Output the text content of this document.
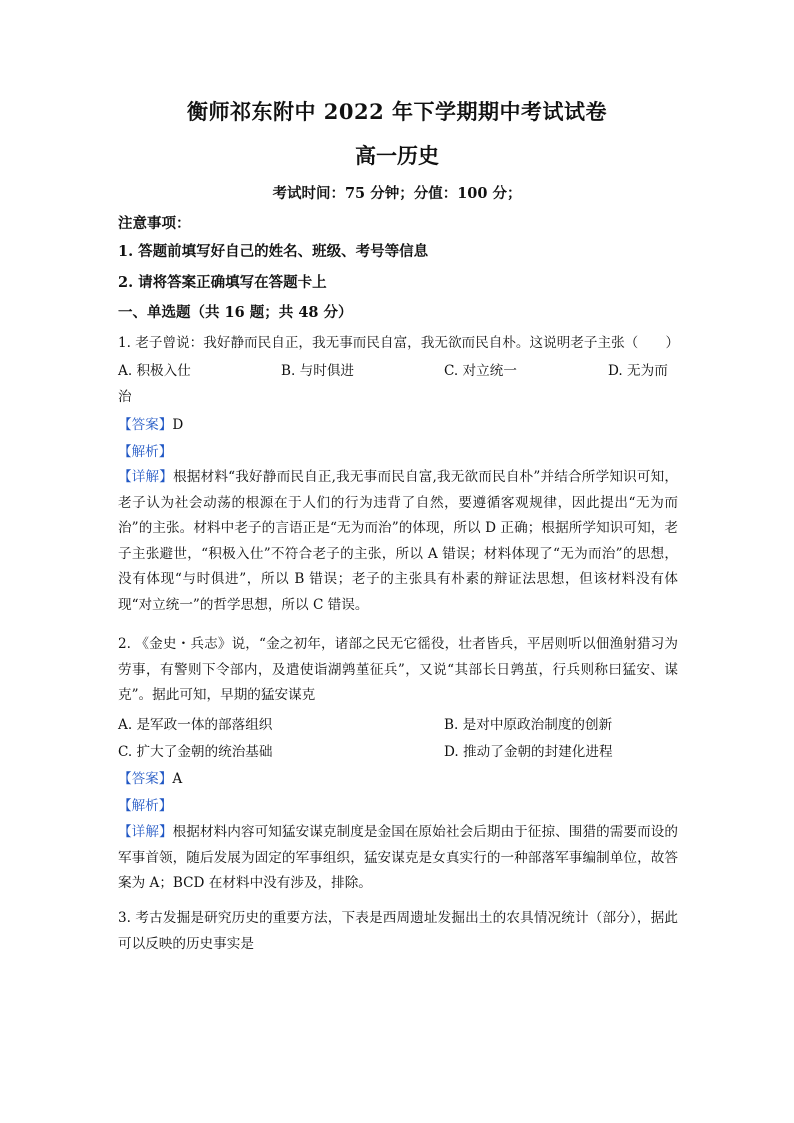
衡师祁东附中 2022 年下学期期中考试试卷
高一历史
考试时间：75 分钟；分值：100 分；
注意事项：
1. 答题前填写好自己的姓名、班级、考号等信息
2. 请将答案正确填写在答题卡上
一、单选题（共 16 题；共 48 分）
1. 老子曾说：我好静而民自正，我无事而民自富，我无欲而民自朴。这说明老子主张（　　）
A. 积极入仕	B. 与时俱进	C. 对立统一	D. 无为而
治
【答案】D
【解析】
【详解】根据材料“我好静而民自正,我无事而民自富,我无欲而民自朴”并结合所学知识可知，老子认为社会动荡的根源在于人们的行为违背了自然，要遵循客观规律，因此提出“无为而治”的主张。材料中老子的言语正是“无为而治”的体现，所以 D 正确；根据所学知识可知，老子主张避世，“积极入仕”不符合老子的主张，所以 A 错误；材料体现了“无为而治”的思想，没有体现“与时俱进”，所以 B 错误；老子的主张具有朴素的辩证法思想，但该材料没有体现“对立统一”的哲学思想，所以 C 错误。
2. 《金史・兵志》说，“金之初年，诸部之民无它徭役，壮者皆兵，平居则听以佃渔射猎习为劳事，有警则下令部内，及遣使诣湖鹑堇征兵”，又说“其部长日鹑茧，行兵则称曰猛安、谋克”。据此可知，早期的猛安谋克
A. 是军政一体的部落组织	B. 是对中原政治制度的创新
C. 扩大了金朝的统治基础	D. 推动了金朝的封建化进程
【答案】A
【解析】
【详解】根据材料内容可知猛安谋克制度是金国在原始社会后期由于征掠、围猎的需要而设的军事首领，随后发展为固定的军事组织，猛安谋克是女真实行的一种部落军事编制单位，故答案为 A；BCD 在材料中没有涉及，排除。
3. 考古发掘是研究历史的重要方法，下表是西周遗址发掘出土的农具情况统计（部分），据此可以反映的历史事实是
